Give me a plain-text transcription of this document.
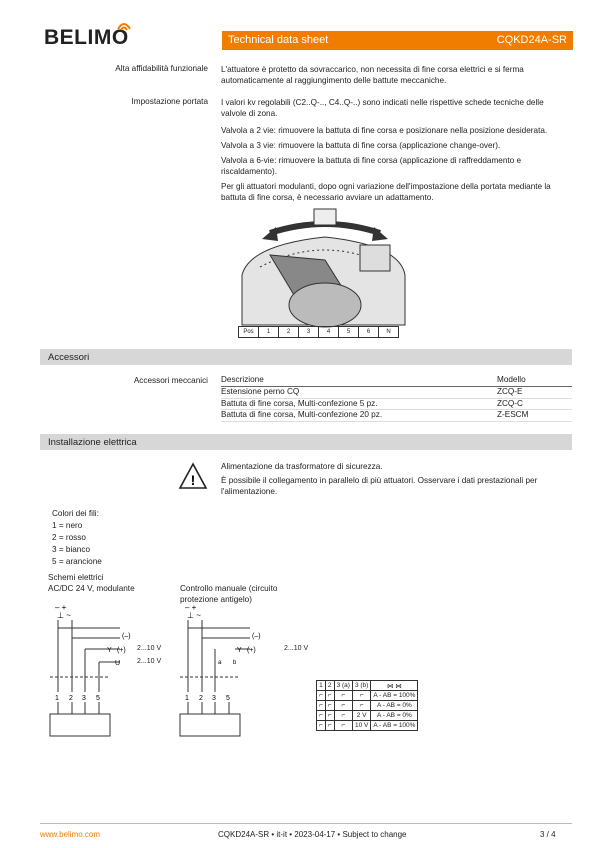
BELIMO	Technical data sheet	CQKD24A-SR
Alta affidabilità funzionale L'attuatore è protetto da sovraccarico, non necessita di fine corsa elettrici e si ferma automaticamente al raggiungimento delle battute meccaniche.
Impostazione portata I valori kv regolabili (C2..Q-.., C4..Q-..) sono indicati nelle rispettive schede tecniche delle valvole di zona.
Valvola a 2 vie: rimuovere la battuta di fine corsa e posizionare nella posizione desiderata.
Valvola a 3 vie: rimuovere la battuta di fine corsa (applicazione change-over).
Valvola a 6-vie: rimuovere la battuta di fine corsa (applicazione di raffreddamento e riscaldamento).
Per gli attuatori modulanti, dopo ogni variazione dell'impostazione della portata mediante la battuta di fine corsa, è necessario avviare un adattamento.
Pos	1	2	3	4	5	6	N
Accessori
Accessori meccanici Descrizione	Modello
Estensione perno CQ	ZCQ-E
Battuta di fine corsa, Multi-confezione 5 pz.	ZCQ-C
Battuta di fine corsa, Multi-confezione 20 pz.	Z-ESCM
Installazione elettrica
!
Alimentazione da trasformatore di sicurezza.
È possibile il collegamento in parallelo di più attuatori. Osservare i dati prestazionali per l'alimentazione.
Colori dei fili:
1 = nero
2 = rosso
3 = bianco
5 = arancione
Schemi elettrici
AC/DC 24 V, modulante	Controllo manuale (circuito
protezione antigelo)
– +
⊥ ~
(–)
Y (+)
U
1 2 3 5
2...10 V
2...10 V
– +
⊥ ~
(–)
Y (+)
a b
1 2 3 5
2...10 V
1	2	3 (a)	3 (b)	⋈ ⋈
⌐	⌐	⌐	⌐	A - AB = 100%
⌐	⌐	⌐	⌐	A - AB = 0%
⌐	⌐	⌐	2 V	A - AB = 0%
⌐	⌐	⌐	10 V	A - AB = 100%
www.belimo.com	CQKD24A-SR • it-it • 2023-04-17 • Subject to change	3 / 4
